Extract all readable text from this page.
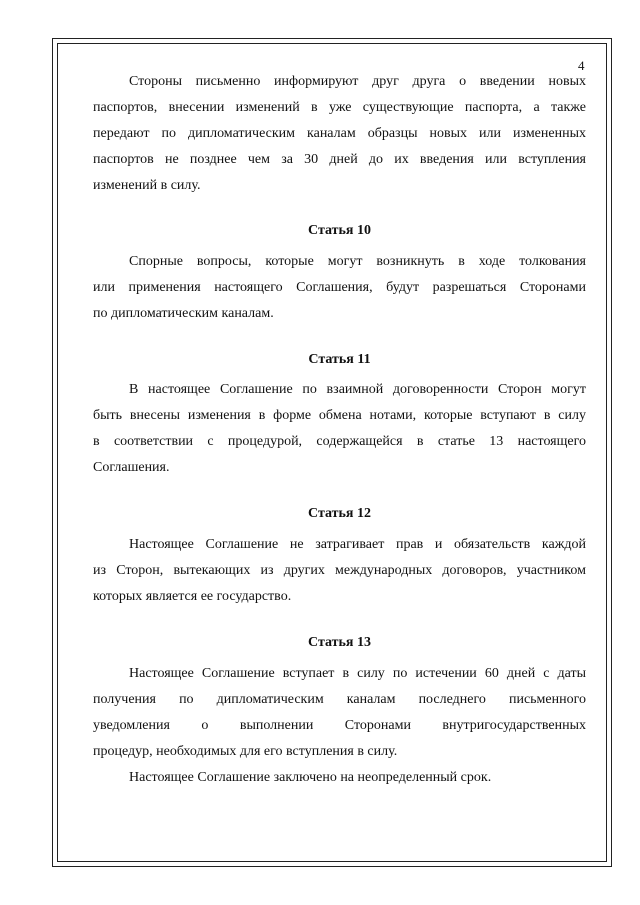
4
Стороны письменно информируют друг друга о введении новых
паспортов, внесении изменений в уже существующие паспорта, а также
передают по дипломатическим каналам образцы новых или измененных
паспортов не позднее чем за 30 дней до их введения или вступления
изменений в силу.
Статья 10
Спорные вопросы, которые могут возникнуть в ходе толкования
или применения настоящего Соглашения, будут разрешаться Сторонами
по дипломатическим каналам.
Статья 11
В настоящее Соглашение по взаимной договоренности Сторон могут
быть внесены изменения в форме обмена нотами, которые вступают в силу
в соответствии с процедурой, содержащейся в статье 13 настоящего
Соглашения.
Статья 12
Настоящее Соглашение не затрагивает прав и обязательств каждой
из Сторон, вытекающих из других международных договоров, участником
которых является ее государство.
Статья 13
Настоящее Соглашение вступает в силу по истечении 60 дней с даты
получения по дипломатическим каналам последнего письменного
уведомления о выполнении Сторонами внутригосударственных
процедур, необходимых для его вступления в силу.
Настоящее Соглашение заключено на неопределенный срок.
